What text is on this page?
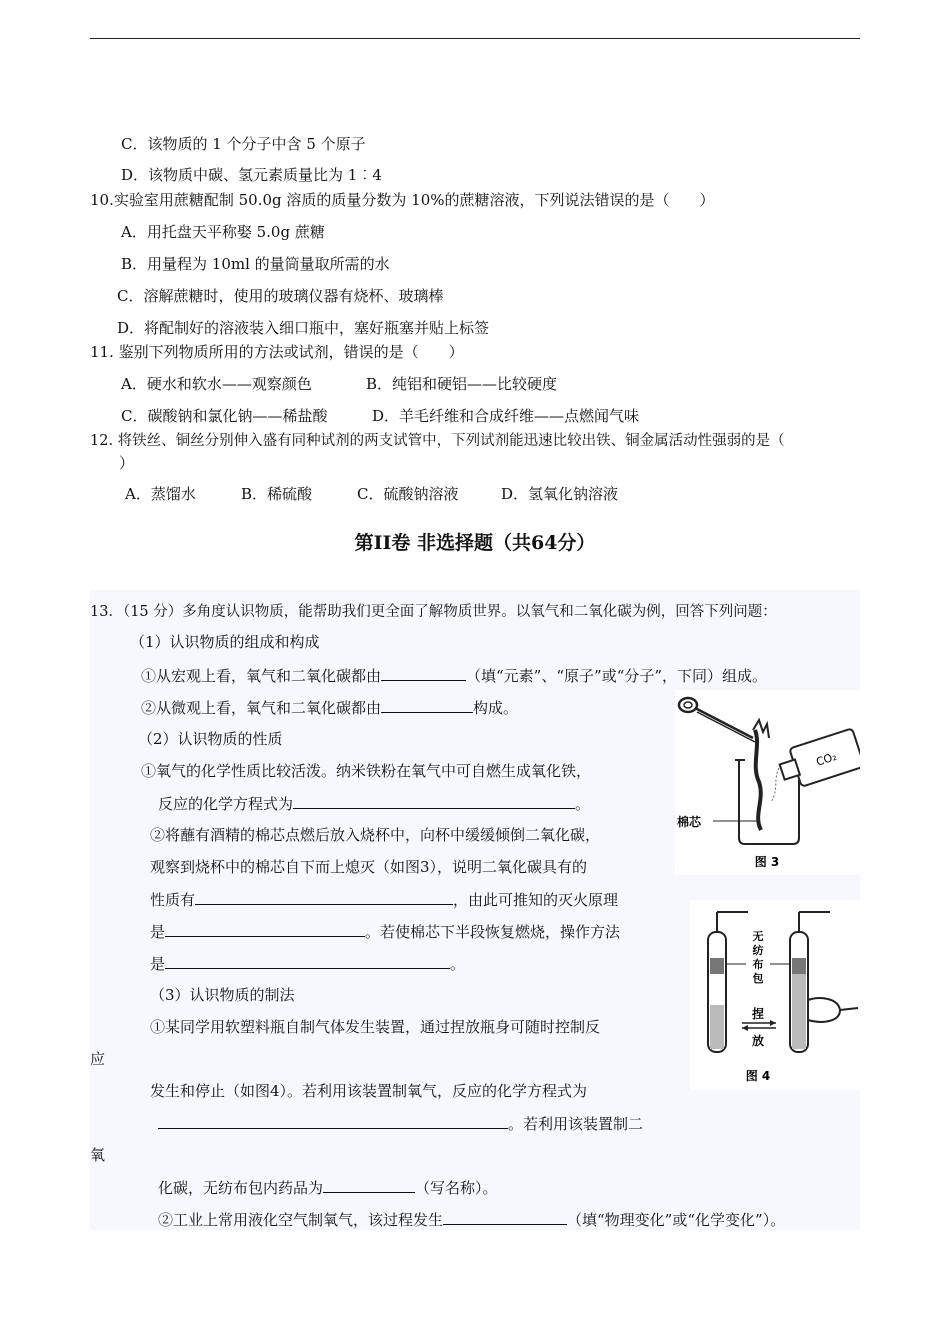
C．该物质的 1 个分子中含 5 个原子
D．该物质中碳、氢元素质量比为 1︰4
10.实验室用蔗糖配制 50.0g 溶质的质量分数为 10%的蔗糖溶液，下列说法错误的是（　　）
A．用托盘天平称娶 5.0g 蔗糖
B．用量程为 10ml 的量筒量取所需的水
C．溶解蔗糖时，使用的玻璃仪器有烧杯、玻璃棒
D．将配制好的溶液装入细口瓶中，塞好瓶塞并贴上标签
11. 鉴别下列物质所用的方法或试剂，错误的是（　　）
A．硬水和软水——观察颜色	B．纯铝和硬铝——比较硬度
C．碳酸钠和氯化钠——稀盐酸	D．羊毛纤维和合成纤维——点燃闻气味
12. 将铁丝、铜丝分别伸入盛有同种试剂的两支试管中，下列试剂能迅速比较出铁、铜金属活动性强弱的是（
）
A．蒸馏水	B．稀硫酸	C．硫酸钠溶液	D．氢氧化钠溶液
第II卷 非选择题（共64分）
13．（15 分）多角度认识物质，能帮助我们更全面了解物质世界。以氧气和二氧化碳为例，回答下列问题：
（1）认识物质的组成和构成
①从宏观上看，氧气和二氧化碳都由	（填“元素”、“原子”或“分子”，下同）组成。
②从微观上看，氧气和二氧化碳都由	构成。
（2）认识物质的性质
①氧气的化学性质比较活泼。纳米铁粉在氧气中可自燃生成氧化铁，
反应的化学方程式为	。
②将蘸有酒精的棉芯点燃后放入烧杯中，向杯中缓缓倾倒二氧化碳，
观察到烧杯中的棉芯自下而上熄灭（如图3），说明二氧化碳具有的
性质有	，由此可推知的灭火原理
是	。若使棉芯下半段恢复燃烧，操作方法
是	。
（3）认识物质的制法
①某同学用软塑料瓶自制气体发生装置，通过捏放瓶身可随时控制反
应
发生和停止（如图4）。若利用该装置制氧气，反应的化学方程式为
。若利用该装置制二
氧
化碳，无纺布包内药品为	（写名称）。
②工业上常用液化空气制氧气，该过程发生	（填“物理变化”或“化学变化”）。
CO₂
棉芯
图 3
无
纺
布
包
捏
放
图 4
